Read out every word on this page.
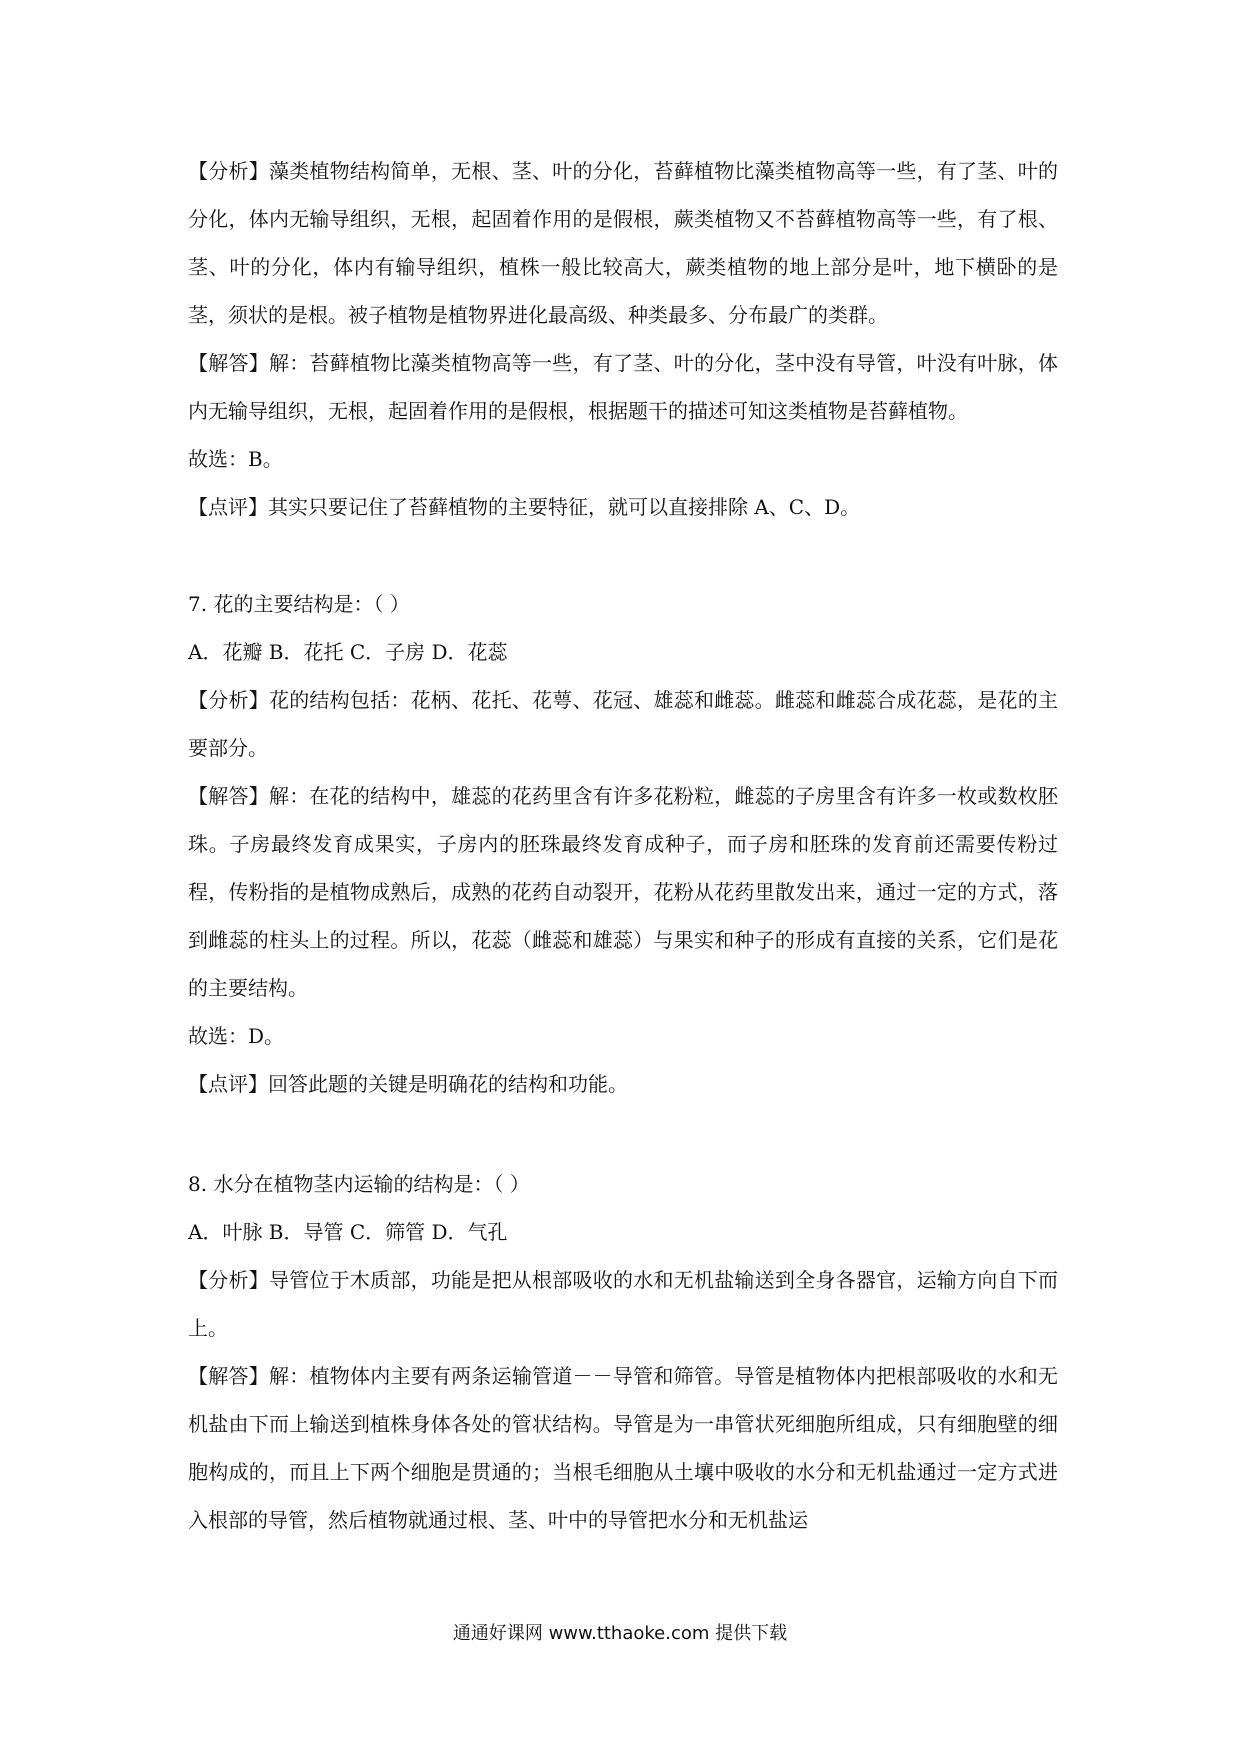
【分析】藻类植物结构简单，无根、茎、叶的分化，苔藓植物比藻类植物高等一些，有了茎、叶的分化，体内无输导组织，无根，起固着作用的是假根，蕨类植物又不苔藓植物高等一些，有了根、茎、叶的分化，体内有输导组织，植株一般比较高大，蕨类植物的地上部分是叶，地下横卧的是茎，须状的是根。被子植物是植物界进化最高级、种类最多、分布最广的类群。

【解答】解：苔藓植物比藻类植物高等一些，有了茎、叶的分化，茎中没有导管，叶没有叶脉，体内无输导组织，无根，起固着作用的是假根，根据题干的描述可知这类植物是苔藓植物。

故选：B。

【点评】其实只要记住了苔藓植物的主要特征，就可以直接排除 A、C、D。

7. 花的主要结构是：（ ）

A．花瓣 B．花托 C．子房 D．花蕊

【分析】花的结构包括：花柄、花托、花萼、花冠、雄蕊和雌蕊。雌蕊和雌蕊合成花蕊，是花的主要部分。

【解答】解：在花的结构中，雄蕊的花药里含有许多花粉粒，雌蕊的子房里含有许多一枚或数枚胚珠。子房最终发育成果实，子房内的胚珠最终发育成种子，而子房和胚珠的发育前还需要传粉过程，传粉指的是植物成熟后，成熟的花药自动裂开，花粉从花药里散发出来，通过一定的方式，落到雌蕊的柱头上的过程。所以，花蕊（雌蕊和雄蕊）与果实和种子的形成有直接的关系，它们是花的主要结构。

故选：D。

【点评】回答此题的关键是明确花的结构和功能。

8. 水分在植物茎内运输的结构是：（ ）

A．叶脉 B．导管 C．筛管 D．气孔

【分析】导管位于木质部，功能是把从根部吸收的水和无机盐输送到全身各器官，运输方向自下而上。

【解答】解：植物体内主要有两条运输管道－－导管和筛管。导管是植物体内把根部吸收的水和无机盐由下而上输送到植株身体各处的管状结构。导管是为一串管状死细胞所组成，只有细胞壁的细胞构成的，而且上下两个细胞是贯通的；当根毛细胞从土壤中吸收的水分和无机盐通过一定方式进入根部的导管，然后植物就通过根、茎、叶中的导管把水分和无机盐运

通通好课网 www.tthaoke.com 提供下载
